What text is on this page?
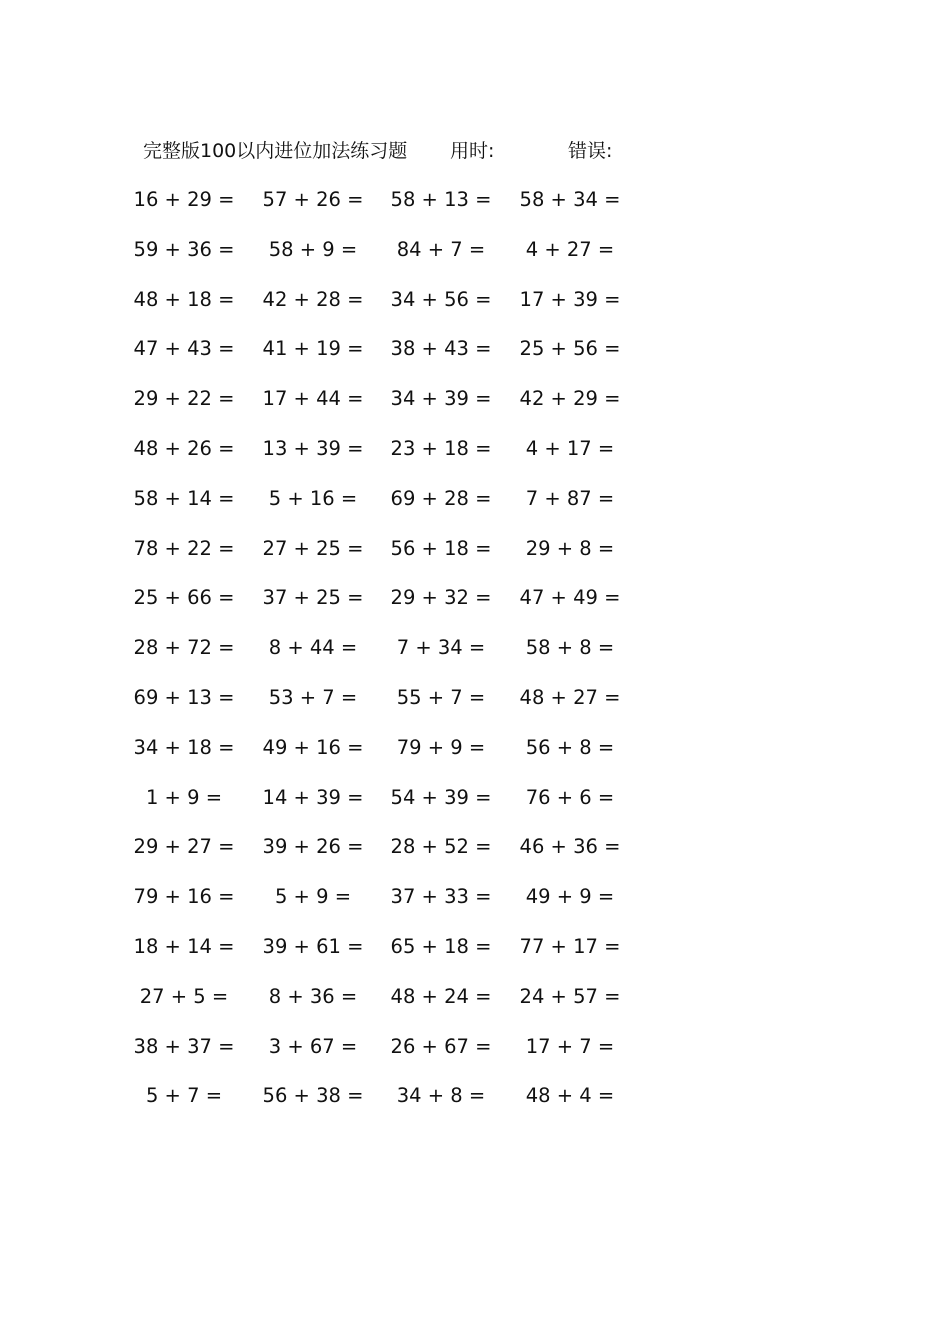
完整版100以内进位加法练习题 用时:	错误:
16 + 29 =	57 + 26 =	58 + 13 =	58 + 34 =
59 + 36 =	58 + 9 =	84 + 7 =	4 + 27 =
48 + 18 =	42 + 28 =	34 + 56 =	17 + 39 =
47 + 43 =	41 + 19 =	38 + 43 =	25 + 56 =
29 + 22 =	17 + 44 =	34 + 39 =	42 + 29 =
48 + 26 =	13 + 39 =	23 + 18 =	4 + 17 =
58 + 14 =	5 + 16 =	69 + 28 =	7 + 87 =
78 + 22 =	27 + 25 =	56 + 18 =	29 + 8 =
25 + 66 =	37 + 25 =	29 + 32 =	47 + 49 =
28 + 72 =	8 + 44 =	7 + 34 =	58 + 8 =
69 + 13 =	53 + 7 =	55 + 7 =	48 + 27 =
34 + 18 =	49 + 16 =	79 + 9 =	56 + 8 =
1 + 9 =	14 + 39 =	54 + 39 =	76 + 6 =
29 + 27 =	39 + 26 =	28 + 52 =	46 + 36 =
79 + 16 =	5 + 9 =	37 + 33 =	49 + 9 =
18 + 14 =	39 + 61 =	65 + 18 =	77 + 17 =
27 + 5 =	8 + 36 =	48 + 24 =	24 + 57 =
38 + 37 =	3 + 67 =	26 + 67 =	17 + 7 =
5 + 7 =	56 + 38 =	34 + 8 =	48 + 4 =
